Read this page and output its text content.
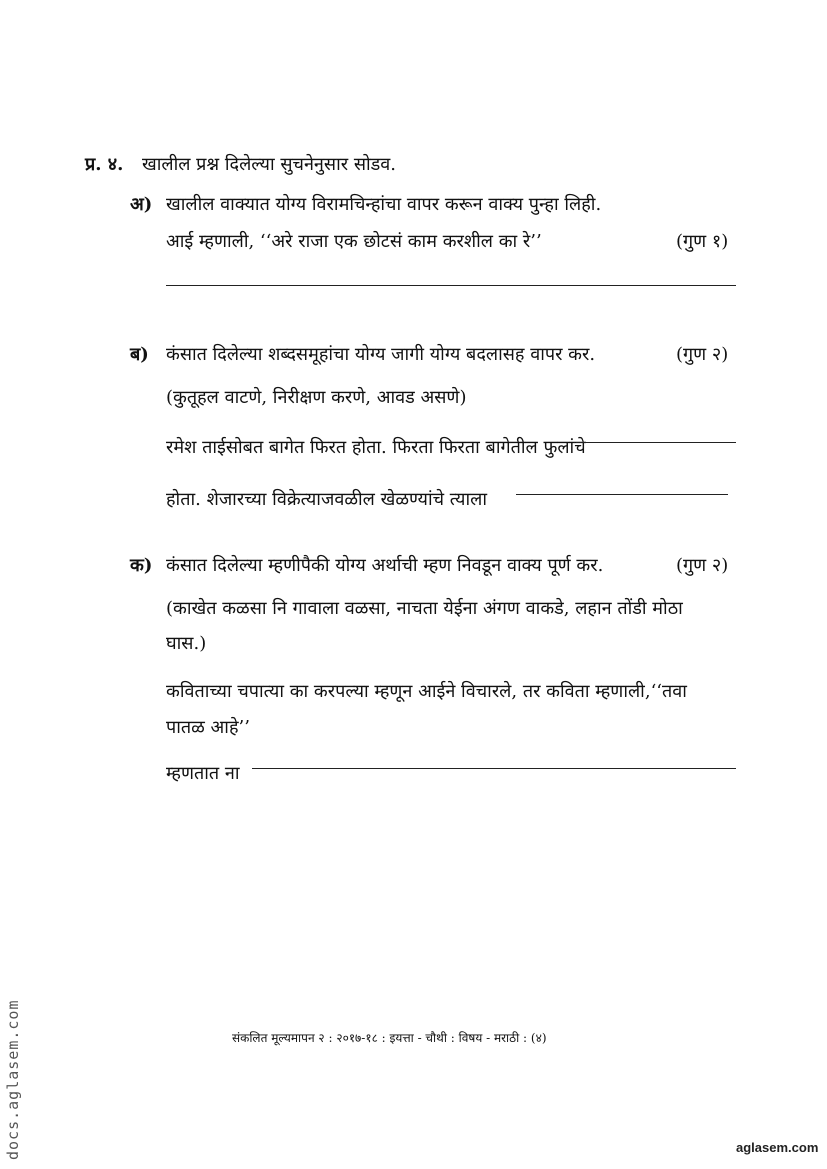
प्र. ४. खालील प्रश्न दिलेल्या सुचनेनुसार सोडव.
अ) खालील वाक्यात योग्य विरामचिन्हांचा वापर करून वाक्य पुन्हा लिही.
आई म्हणाली, ‘‘अरे राजा एक छोटसं काम करशील का रे’’	(गुण १)
ब) कंसात दिलेल्या शब्दसमूहांचा योग्य जागी योग्य बदलासह वापर कर.	(गुण २)
(कुतूहल वाटणे, निरीक्षण करणे, आवड असणे)
रमेश ताईसोबत बागेत फिरत होता. फिरता फिरता बागेतील फुलांचे
होता. शेजारच्या विक्रेत्याजवळील खेळण्यांचे त्याला
क) कंसात दिलेल्या म्हणीपैकी योग्य अर्थाची म्हण निवडून वाक्य पूर्ण कर.	(गुण २)
(काखेत कळसा नि गावाला वळसा, नाचता येईना अंगण वाकडे, लहान तोंडी मोठा
घास.)
कविताच्या चपात्या का करपल्या म्हणून आईने विचारले, तर कविता म्हणाली,‘‘तवा
पातळ आहे’’
म्हणतात ना
संकलित मूल्यमापन २ : २०१७-१८ : इयत्ता - चौथी : विषय - मराठी : (४)
docs.aglasem.com	aglasem.com
